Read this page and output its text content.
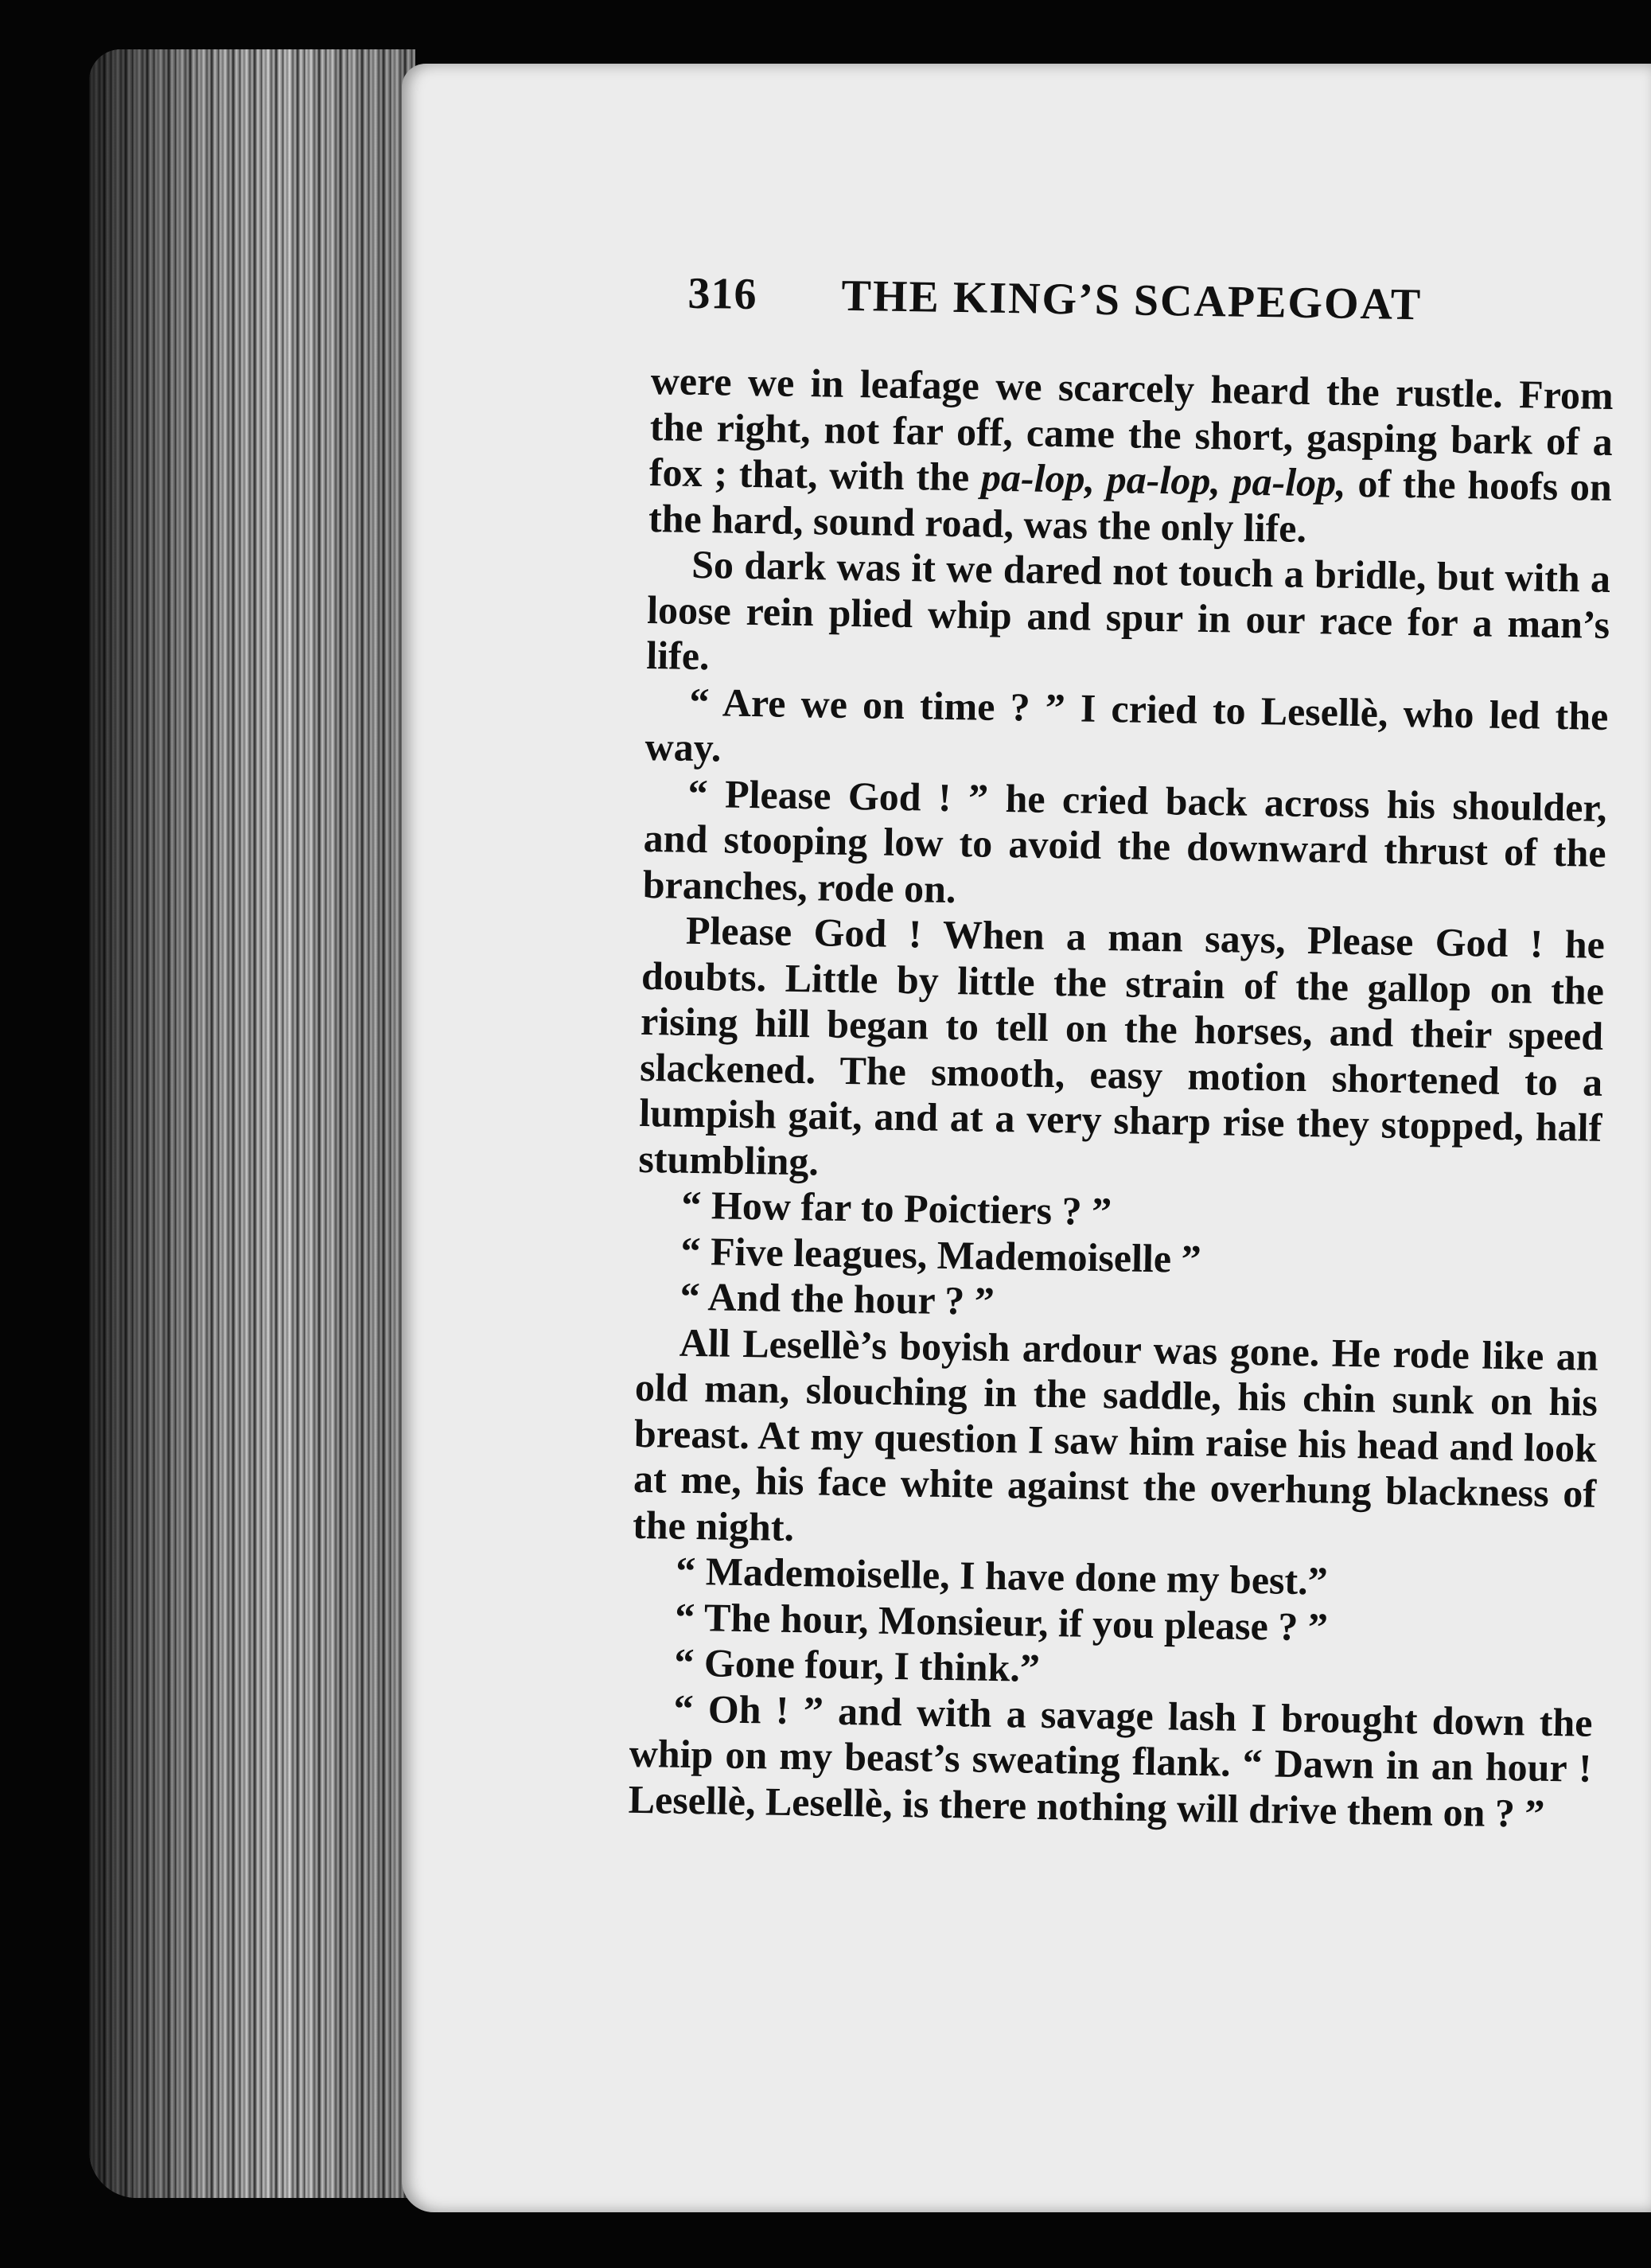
316 THE KING’S SCAPEGOAT

were we in leafage we scarcely heard the rustle. From the right, not far off, came the short, gasping bark of a fox ; that, with the pa-lop, pa-lop, pa-lop, of the hoofs on the hard, sound road, was the only life.

So dark was it we dared not touch a bridle, but with a loose rein plied whip and spur in our race for a man’s life.

“ Are we on time ? ” I cried to Lesellè, who led the way.

“ Please God ! ” he cried back across his shoulder, and stooping low to avoid the downward thrust of the branches, rode on.

Please God ! When a man says, Please God ! he doubts. Little by little the strain of the gallop on the rising hill began to tell on the horses, and their speed slackened. The smooth, easy motion shortened to a lumpish gait, and at a very sharp rise they stopped, half stumbling.

“ How far to Poictiers ? ”

“ Five leagues, Mademoiselle ”

“ And the hour ? ”

All Lesellè’s boyish ardour was gone. He rode like an old man, slouching in the saddle, his chin sunk on his breast. At my question I saw him raise his head and look at me, his face white against the overhung blackness of the night.

“ Mademoiselle, I have done my best.”

“ The hour, Monsieur, if you please ? ”

“ Gone four, I think.”

“ Oh ! ” and with a savage lash I brought down the whip on my beast’s sweating flank. “ Dawn in an hour ! Lesellè, Lesellè, is there nothing will drive them on ? ”
